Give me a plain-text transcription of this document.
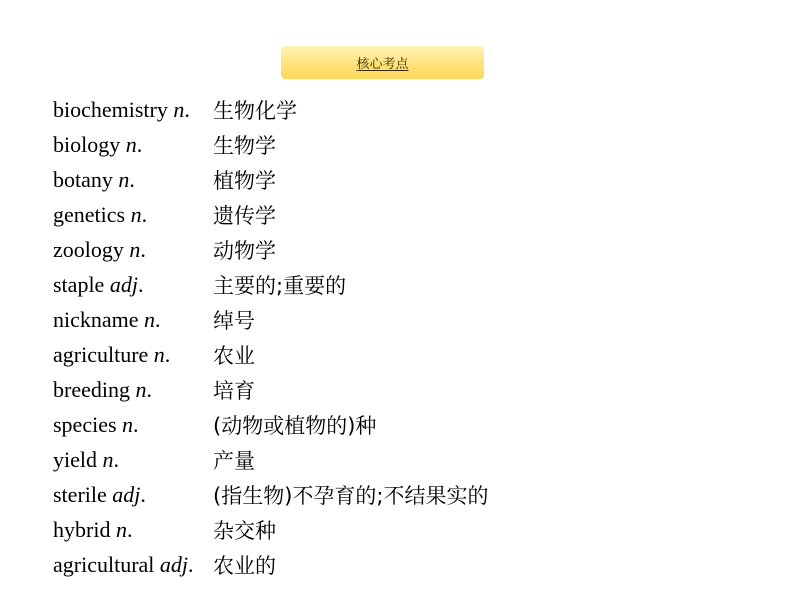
核心考点
biochemistry n.	生物化学
biology n.	生物学
botany n.	植物学
genetics n.	遗传学
zoology n.	动物学
staple adj.	主要的;重要的
nickname n.	绰号
agriculture n.	农业
breeding n.	培育
species n.	(动物或植物的)种
yield n.	产量
sterile adj.	(指生物)不孕育的;不结果实的
hybrid n.	杂交种
agricultural adj. 农业的
